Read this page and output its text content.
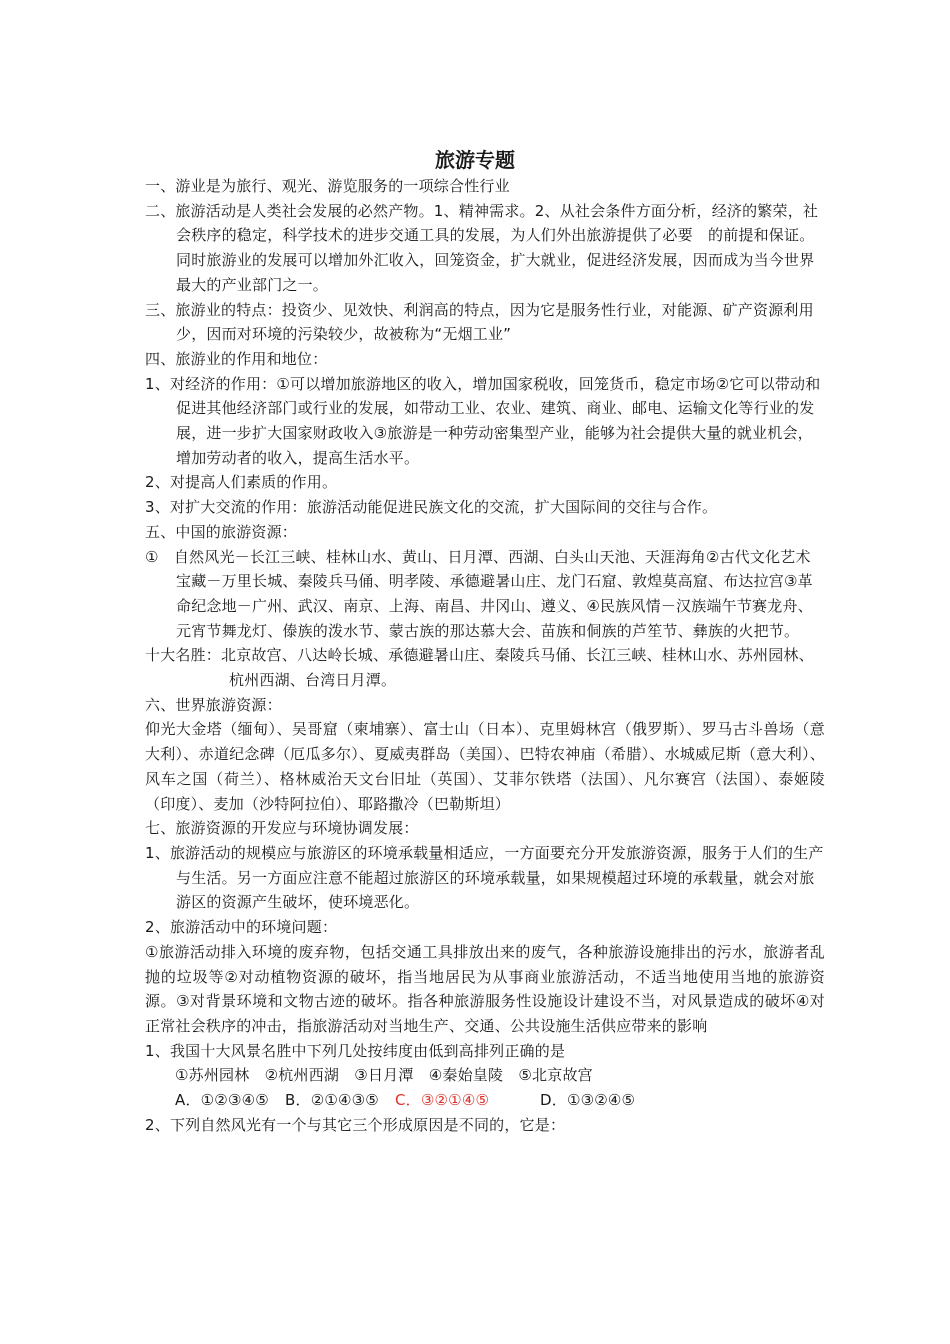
旅游专题

一、游业是为旅行、观光、游览服务的一项综合性行业

二、旅游活动是人类社会发展的必然产物。1、精神需求。2、从社会条件方面分析，经济的繁荣，社会秩序的稳定，科学技术的进步交通工具的发展，为人们外出旅游提供了必要　的前提和保证。同时旅游业的发展可以增加外汇收入，回笼资金，扩大就业，促进经济发展，因而成为当今世界最大的产业部门之一。

三、旅游业的特点：投资少、见效快、利润高的特点，因为它是服务性行业，对能源、矿产资源利用少，因而对环境的污染较少，故被称为“无烟工业”

四、旅游业的作用和地位：

1、对经济的作用：①可以增加旅游地区的收入，增加国家税收，回笼货币，稳定市场②它可以带动和促进其他经济部门或行业的发展，如带动工业、农业、建筑、商业、邮电、运输文化等行业的发展，进一步扩大国家财政收入③旅游是一种劳动密集型产业，能够为社会提供大量的就业机会，增加劳动者的收入，提高生活水平。

2、对提高人们素质的作用。

3、对扩大交流的作用：旅游活动能促进民族文化的交流，扩大国际间的交往与合作。

五、中国的旅游资源：

①　自然风光－长江三峡、桂林山水、黄山、日月潭、西湖、白头山天池、天涯海角②古代文化艺术宝藏－万里长城、秦陵兵马俑、明孝陵、承德避暑山庄、龙门石窟、敦煌莫高窟、布达拉宫③革命纪念地－广州、武汉、南京、上海、南昌、井冈山、遵义、④民族风情－汉族端午节赛龙舟、元宵节舞龙灯、傣族的泼水节、蒙古族的那达慕大会、苗族和侗族的芦笙节、彝族的火把节。

十大名胜：北京故宫、八达岭长城、承德避暑山庄、秦陵兵马俑、长江三峡、桂林山水、苏州园林、杭州西湖、台湾日月潭。

六、世界旅游资源：

仰光大金塔（缅甸）、吴哥窟（柬埔寨）、富士山（日本）、克里姆林宫（俄罗斯）、罗马古斗兽场（意大利）、赤道纪念碑（厄瓜多尔）、夏威夷群岛（美国）、巴特农神庙（希腊）、水城威尼斯（意大利）、风车之国（荷兰）、格林威治天文台旧址（英国）、艾菲尔铁塔（法国）、凡尔赛宫（法国）、泰姬陵（印度）、麦加（沙特阿拉伯）、耶路撒冷（巴勒斯坦）

七、旅游资源的开发应与环境协调发展：

1、旅游活动的规模应与旅游区的环境承载量相适应，一方面要充分开发旅游资源，服务于人们的生产与生活。另一方面应注意不能超过旅游区的环境承载量，如果规模超过环境的承载量，就会对旅游区的资源产生破坏，使环境恶化。

2、旅游活动中的环境问题：

①旅游活动排入环境的废弃物，包括交通工具排放出来的废气，各种旅游设施排出的污水，旅游者乱抛的垃圾等②对动植物资源的破坏，指当地居民为从事商业旅游活动，不适当地使用当地的旅游资源。③对背景环境和文物古迹的破坏。指各种旅游服务性设施设计建设不当，对风景造成的破坏④对正常社会秩序的冲击，指旅游活动对当地生产、交通、公共设施生活供应带来的影响

1、我国十大风景名胜中下列几处按纬度由低到高排列正确的是

①苏州园林　②杭州西湖　③日月潭　④秦始皇陵　⑤北京故宫

A．①②③④⑤ B．②①④③⑤ C．③②①④⑤	D．①③②④⑤

2、下列自然风光有一个与其它三个形成原因是不同的，它是：
